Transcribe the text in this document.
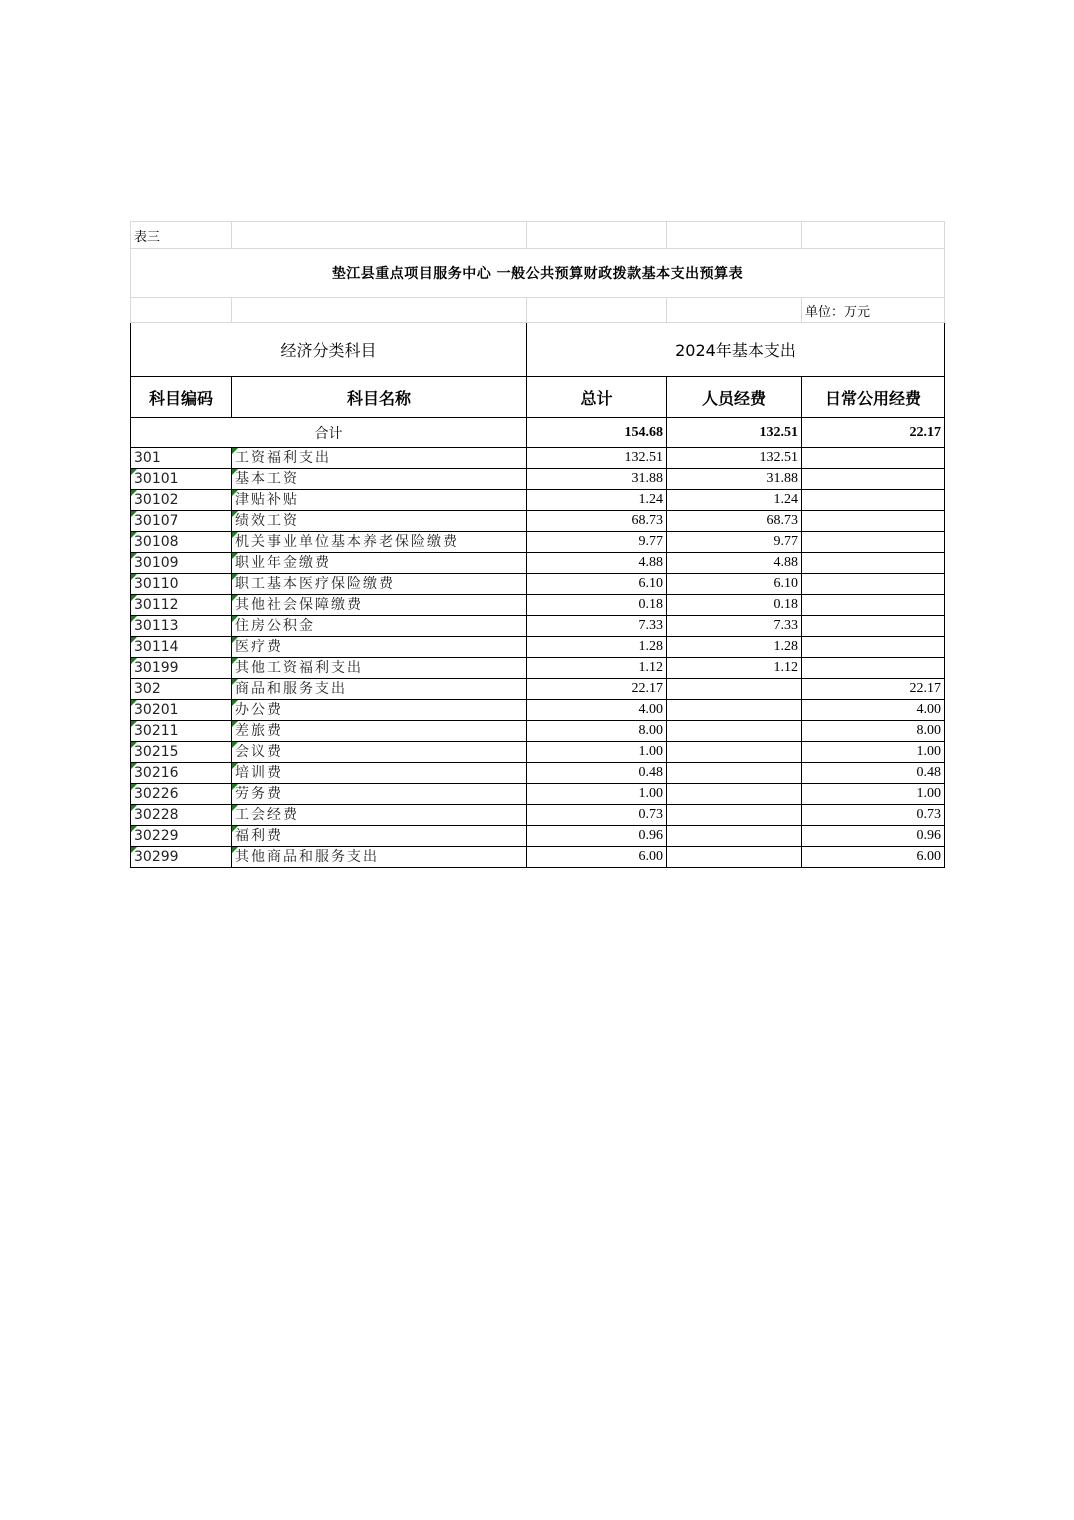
表三				
垫江县重点项目服务中心 一般公共预算财政拨款基本支出预算表				
				单位：万元
经济分类科目		2024年基本支出		
科目编码	科目名称	总计	人员经费	日常公用经费
合计		154.68	132.51	22.17
301	工资福利支出	132.51	132.51	

30101	基本工资	31.88	31.88	

30102	津贴补贴	1.24	1.24	

30107	绩效工资	68.73	68.73	

30108	机关事业单位基本养老保险缴费	9.77	9.77	

30109	职业年金缴费	4.88	4.88	

30110	职工基本医疗保险缴费	6.10	6.10	

30112	其他社会保障缴费	0.18	0.18	

30113	住房公积金	7.33	7.33	

30114	医疗费	1.28	1.28	

30199	其他工资福利支出	1.12	1.12	
302	商品和服务支出	22.17		22.17

30201	办公费	4.00		4.00

30211	差旅费	8.00		8.00

30215	会议费	1.00		1.00

30216	培训费	0.48		0.48

30226	劳务费	1.00		1.00

30228	工会经费	0.73		0.73

30229	福利费	0.96		0.96

30299	其他商品和服务支出	6.00		6.00
